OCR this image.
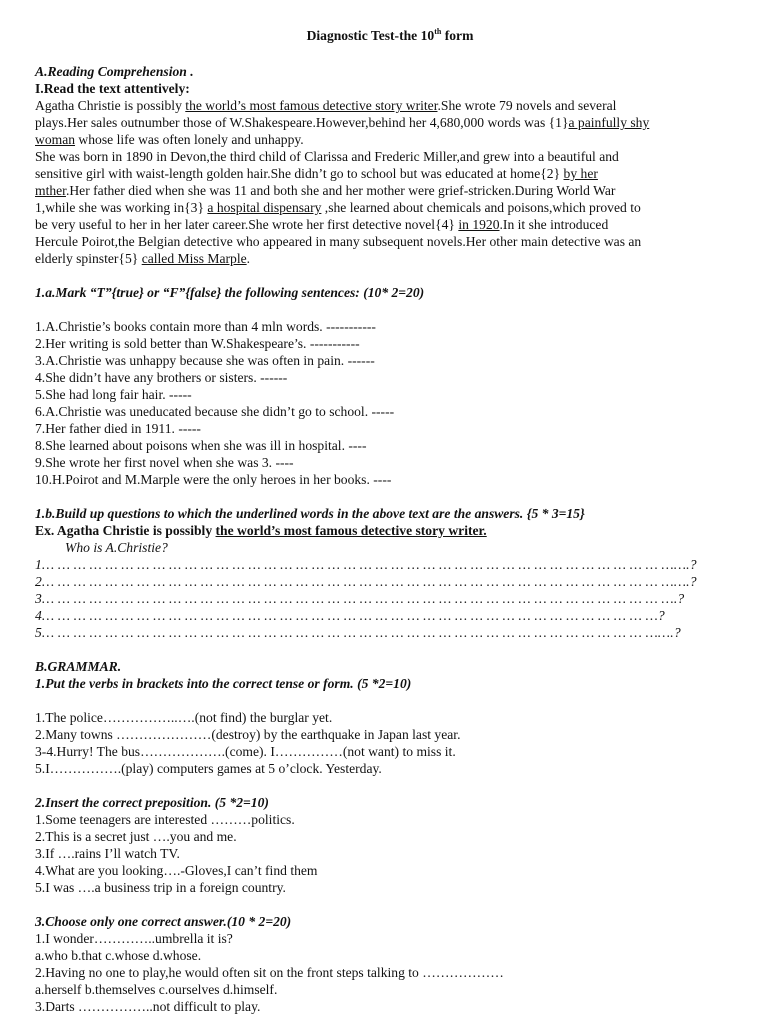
Diagnostic Test-the 10th form
A.Reading Comprehension .
I.Read the text attentively:
Agatha Christie is possibly the world’s most famous detective story writer.She wrote 79 novels and several
plays.Her sales outnumber those of W.Shakespeare.However,behind her 4,680,000 words was {1}a painfully shy
woman whose life was often lonely and unhappy.
She was born in 1890 in Devon,the third child of Clarissa and Frederic Miller,and grew into a beautiful and
sensitive girl with waist-length golden hair.She didn’t go to school but was educated at home{2} by her
mther.Her father died when she was 11 and both she and her mother were grief-stricken.During World War
1,while she was working in{3} a hospital dispensary ,she learned about chemicals and poisons,which proved to
be very useful to her in her later career.She wrote her first detective novel{4} in 1920.In it she introduced
Hercule Poirot,the Belgian detective who appeared in many subsequent novels.Her other main detective was an
elderly spinster{5} called Miss Marple.
1.a.Mark “T”{true} or “F”{false} the following sentences: (10* 2=20)
1.A.Christie’s books contain more than 4 mln words. -----------
2.Her writing is sold better than W.Shakespeare’s. -----------
3.A.Christie was unhappy because she was often in pain. ------
4.She didn’t have any brothers or sisters. ------
5.She had long fair hair. -----
6.A.Christie was uneducated because she didn’t go to school. -----
7.Her father died in 1911. -----
8.She learned about poisons when she was ill in hospital. ----
9.She wrote her first novel when she was 3. ----
10.H.Poirot and M.Marple were the only heroes in her books. ----
1.b.Build up questions to which the underlined words in the above text are the answers. {5 * 3=15}
Ex. Agatha Christie is possibly the world’s most famous detective story writer.
Who is A.Christie?
1… … … … … … … … … … … … … … … … … … … … … … … … … … … … … … … … … … … … … … … …….?
2… … … … … … … … … … … … … … … … … … … … … … … … … … … … … … … … … … … … … … … …….?
3… … … … … … … … … … … … … … … … … … … … … … … … … … … … … … … … … … … … … … … ….?
4… … … … … … … … … … … … … … … … … … … … … … … … … … … … … … … … … … … … … … …?
5… … … … … … … … … … … … … … … … … … … … … … … … … … … … … … … … … … … … … … …….?
B.GRAMMAR.
1.Put the verbs in brackets into the correct tense or form. (5 *2=10)
1.The police……………..….(not find) the burglar yet.
2.Many towns …………………(destroy) by the earthquake in Japan last year.
3-4.Hurry! The bus……………….(come). I……………(not want) to miss it.
5.I…………….(play) computers games at 5 o’clock. Yesterday.
2.Insert the correct preposition. (5 *2=10)
1.Some teenagers are interested ………politics.
2.This is a secret just ….you and me.
3.If ….rains I’ll watch TV.
4.What are you looking….-Gloves,I can’t find them
5.I was ….a business trip in a foreign country.
3.Choose only one correct answer.(10 * 2=20)
1.I wonder…………..umbrella it is?
a.who b.that c.whose d.whose.
2.Having no one to play,he would often sit on the front steps talking to ………………
a.herself b.themselves c.ourselves d.himself.
3.Darts ……………..not difficult to play.
